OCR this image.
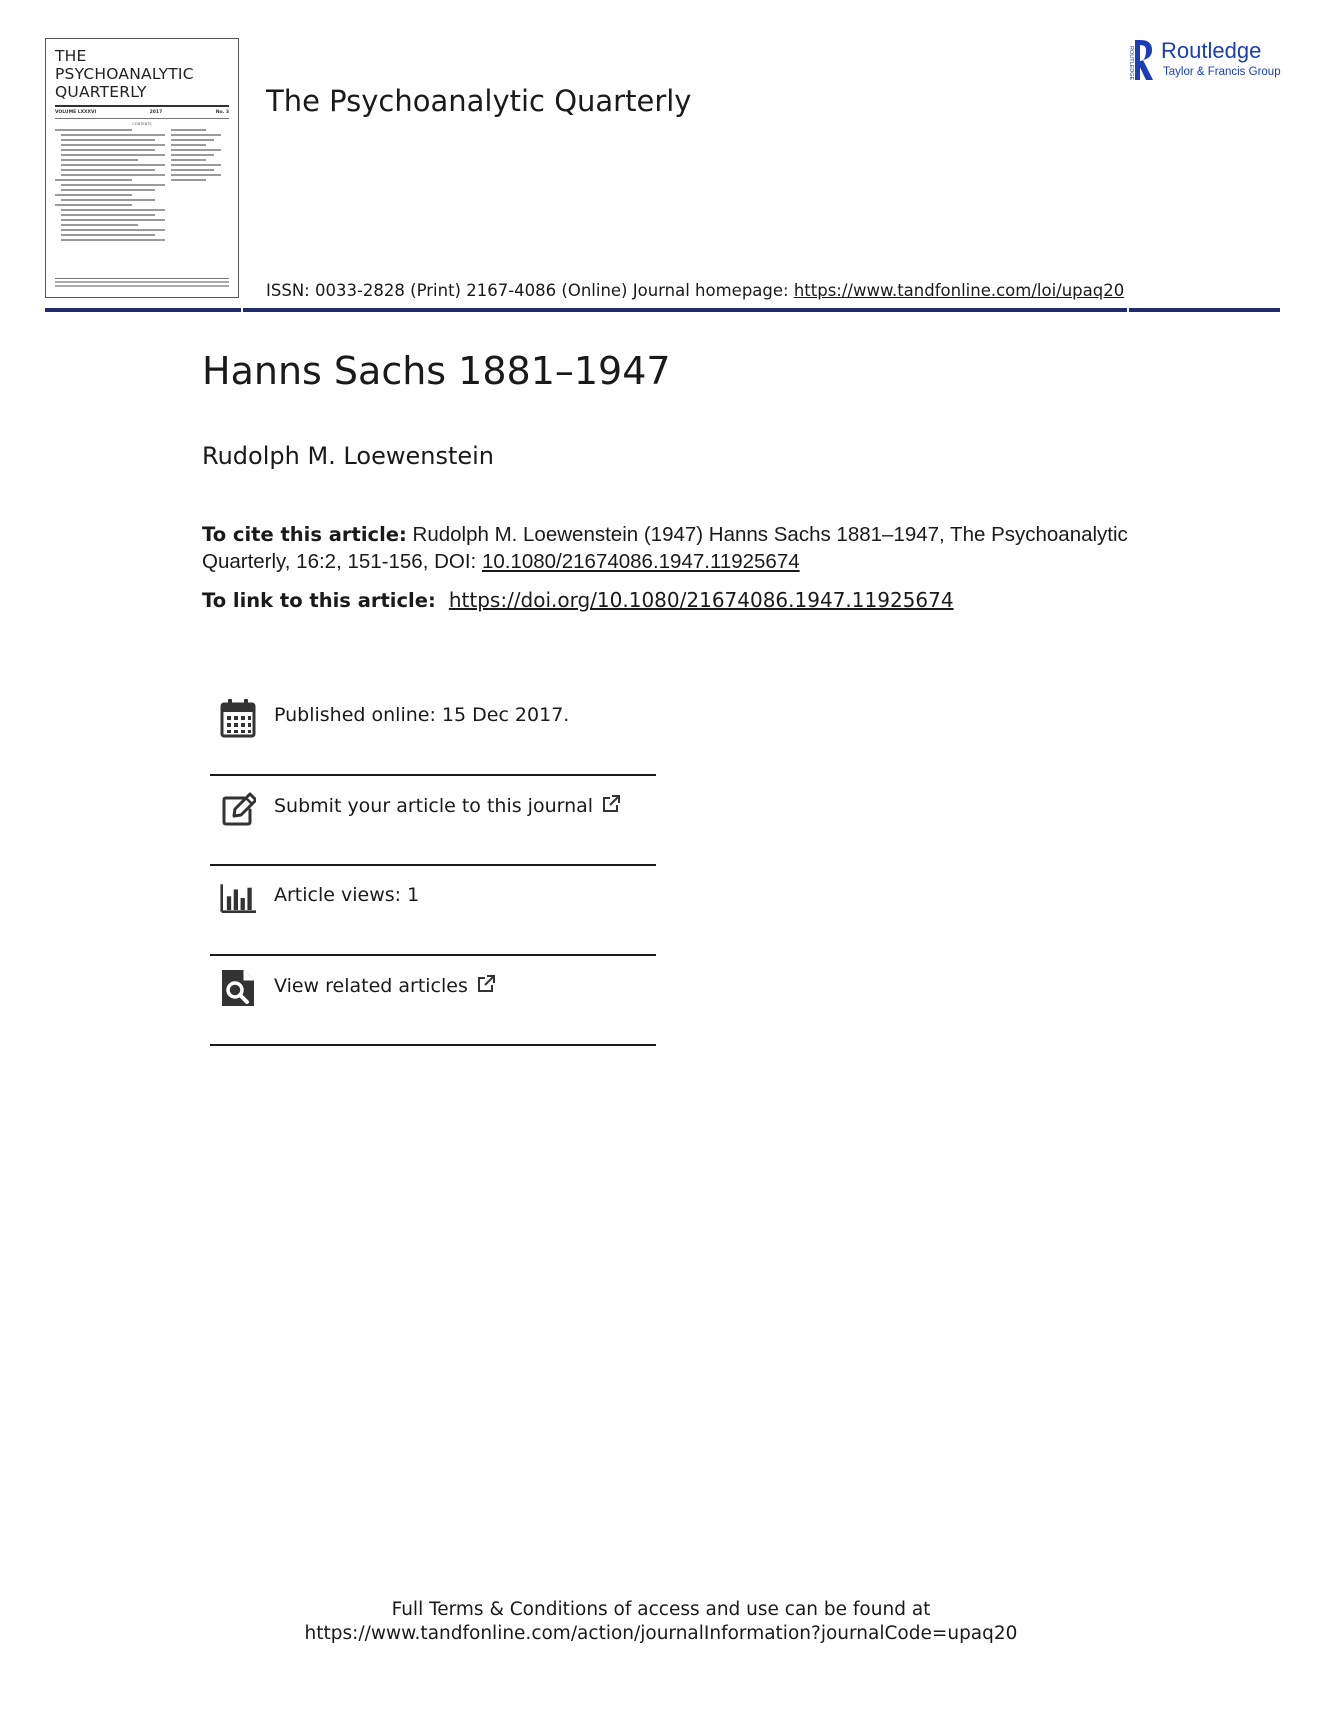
THE
PSYCHOANALYTIC
QUARTERLY
VOLUME LXXXVI	2017	No. 3
CONTENTS
The Psychoanalytic Quarterly
ROUTLEDGE Routledge
Taylor & Francis Group
ISSN: 0033-2828 (Print) 2167-4086 (Online) Journal homepage: https://www.tandfonline.com/loi/upaq20
Hanns Sachs 1881–1947
Rudolph M. Loewenstein
To cite this article: Rudolph M. Loewenstein (1947) Hanns Sachs 1881–1947, The Psychoanalytic Quarterly, 16:2, 151-156, DOI: 10.1080/21674086.1947.11925674
To link to this article: https://doi.org/10.1080/21674086.1947.11925674
Published online: 15 Dec 2017.
Submit your article to this journal
Article views: 1
View related articles
Full Terms & Conditions of access and use can be found at
https://www.tandfonline.com/action/journalInformation?journalCode=upaq20
